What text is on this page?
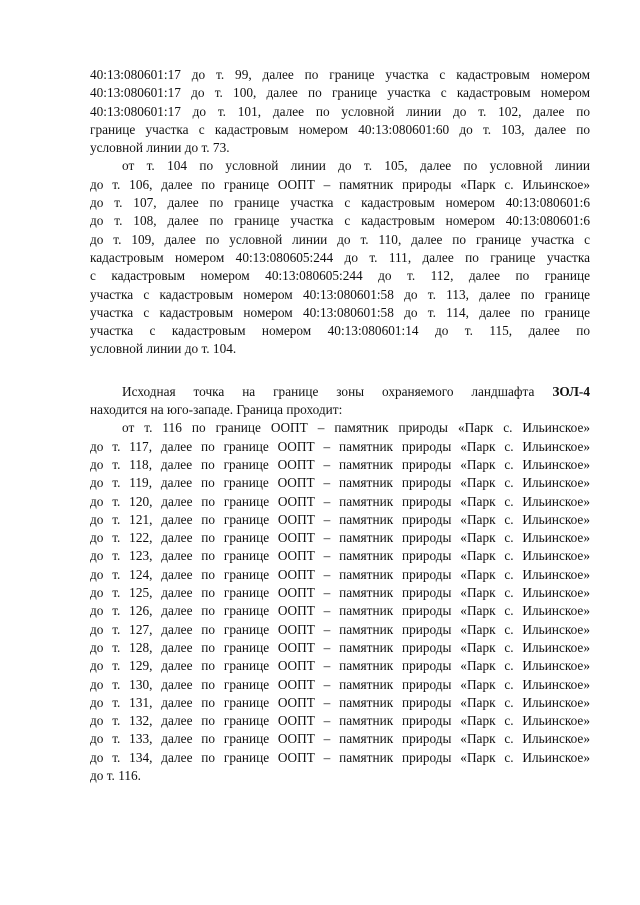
40:13:080601:17 до т. 99, далее по границе участка с кадастровым номером
40:13:080601:17 до т. 100, далее по границе участка с кадастровым номером
40:13:080601:17 до т. 101, далее по условной линии до т. 102, далее по
границе участка с кадастровым номером 40:13:080601:60 до т. 103, далее по
условной линии до т. 73.
от т. 104 по условной линии до т. 105, далее по условной линии
до т. 106, далее по границе ООПТ – памятник природы «Парк с. Ильинское»
до т. 107, далее по границе участка с кадастровым номером 40:13:080601:6
до т. 108, далее по границе участка с кадастровым номером 40:13:080601:6
до т. 109, далее по условной линии до т. 110, далее по границе участка с
кадастровым номером 40:13:080605:244 до т. 111, далее по границе участка
с кадастровым номером 40:13:080605:244 до т. 112, далее по границе
участка с кадастровым номером 40:13:080601:58 до т. 113, далее по границе
участка с кадастровым номером 40:13:080601:58 до т. 114, далее по границе
участка с кадастровым номером 40:13:080601:14 до т. 115, далее по
условной линии до т. 104.
Исходная точка на границе зоны охраняемого ландшафта ЗОЛ-4
находится на юго-западе. Граница проходит:
от т. 116 по границе ООПТ – памятник природы «Парк с. Ильинское»
до т. 117, далее по границе ООПТ – памятник природы «Парк с. Ильинское»
до т. 118, далее по границе ООПТ – памятник природы «Парк с. Ильинское»
до т. 119, далее по границе ООПТ – памятник природы «Парк с. Ильинское»
до т. 120, далее по границе ООПТ – памятник природы «Парк с. Ильинское»
до т. 121, далее по границе ООПТ – памятник природы «Парк с. Ильинское»
до т. 122, далее по границе ООПТ – памятник природы «Парк с. Ильинское»
до т. 123, далее по границе ООПТ – памятник природы «Парк с. Ильинское»
до т. 124, далее по границе ООПТ – памятник природы «Парк с. Ильинское»
до т. 125, далее по границе ООПТ – памятник природы «Парк с. Ильинское»
до т. 126, далее по границе ООПТ – памятник природы «Парк с. Ильинское»
до т. 127, далее по границе ООПТ – памятник природы «Парк с. Ильинское»
до т. 128, далее по границе ООПТ – памятник природы «Парк с. Ильинское»
до т. 129, далее по границе ООПТ – памятник природы «Парк с. Ильинское»
до т. 130, далее по границе ООПТ – памятник природы «Парк с. Ильинское»
до т. 131, далее по границе ООПТ – памятник природы «Парк с. Ильинское»
до т. 132, далее по границе ООПТ – памятник природы «Парк с. Ильинское»
до т. 133, далее по границе ООПТ – памятник природы «Парк с. Ильинское»
до т. 134, далее по границе ООПТ – памятник природы «Парк с. Ильинское»
до т. 116.
